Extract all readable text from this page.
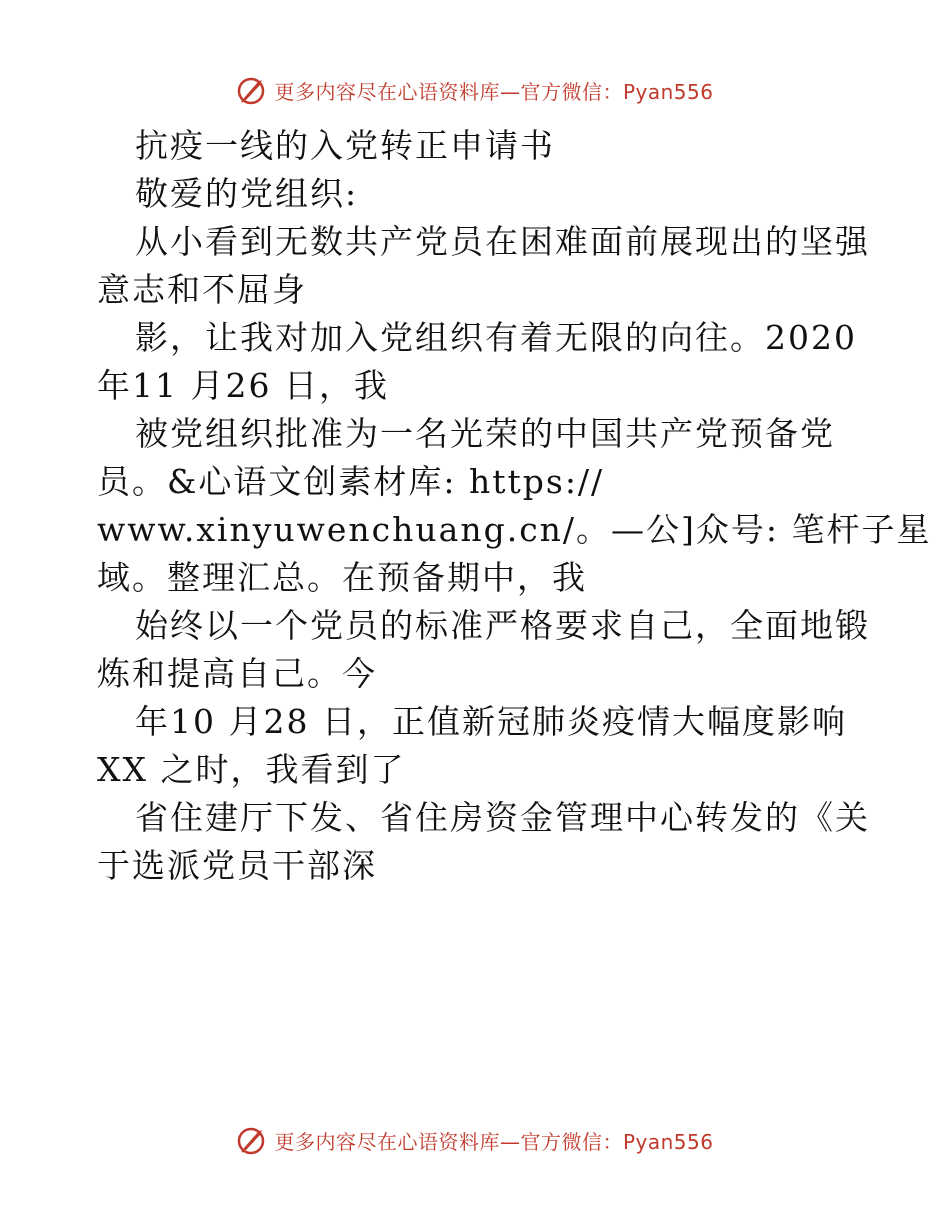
更多内容尽在心语资料库—官方微信：Pyan556
抗疫一线的入党转正申请书
敬爱的党组织:
从小看到无数共产党员在困难面前展现出的坚强
意志和不屈身
影，让我对加入党组织有着无限的向往。2020
年11 月26 日，我
被党组织批准为一名光荣的中国共产党预备党
员。&心语文创素材库: https://
www.xinyuwenchuang.cn/。—公]众号: 笔杆子星
域。整理汇总。在预备期中，我
始终以一个党员的标准严格要求自己，全面地锻
炼和提高自己。今
年10 月28 日，正值新冠肺炎疫情大幅度影响
XX 之时，我看到了
省住建厅下发、省住房资金管理中心转发的《关
于选派党员干部深
更多内容尽在心语资料库—官方微信：Pyan556
